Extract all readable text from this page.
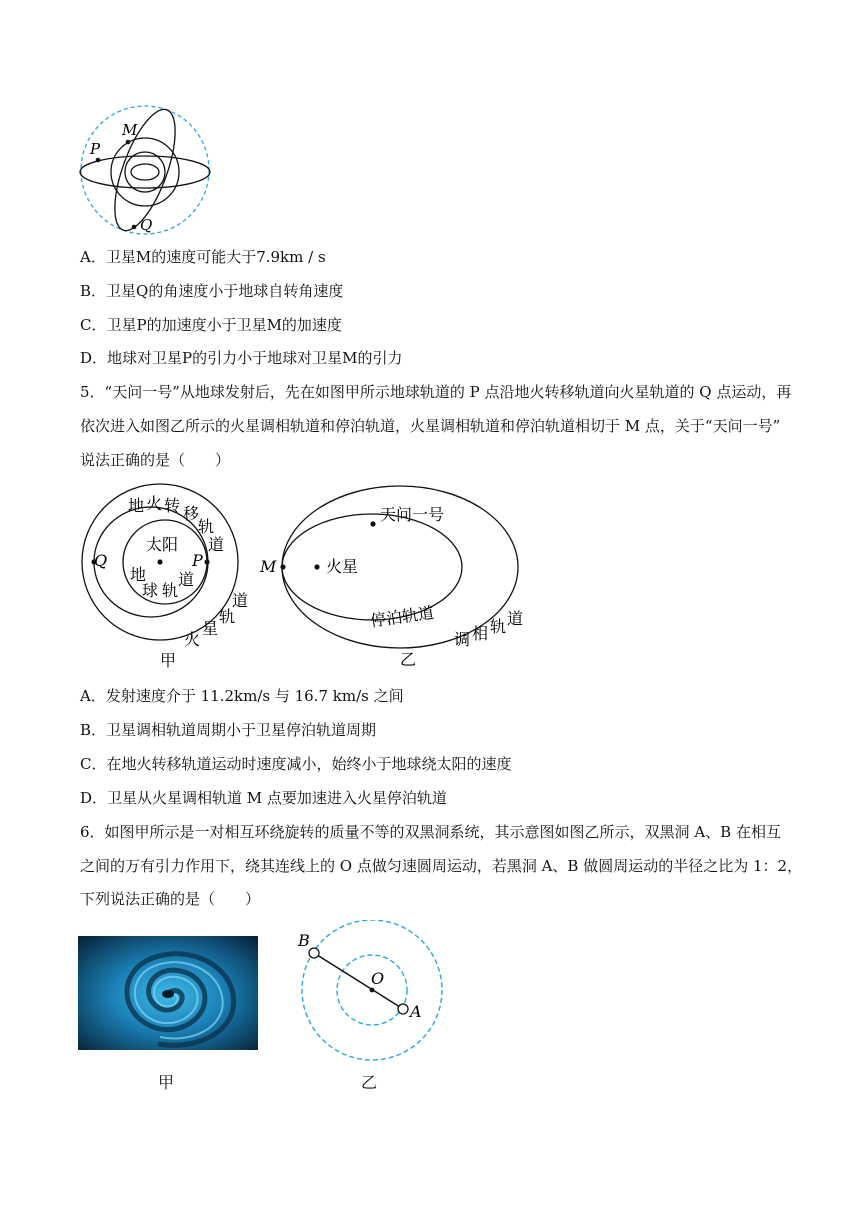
M
P
Q
A．卫星M的速度可能大于7.9km / s
B．卫星Q的角速度小于地球自转角速度
C．卫星P的加速度小于卫星M的加速度
D．地球对卫星P的引力小于地球对卫星M的引力
5．“天问一号”从地球发射后，先在如图甲所示地球轨道的 P 点沿地火转移轨道向火星轨道的 Q 点运动，再
依次进入如图乙所示的火星调相轨道和停泊轨道，火星调相轨道和停泊轨道相切于 M 点，关于“天问一号”
说法正确的是（　　）
地 火 转 移
轨
道
太阳
地
球 轨
道
Q	P
火
星
轨
道
甲
天问一号
火星
M
停泊轨道
调 相 轨 道
乙
A．发射速度介于 11.2km/s 与 16.7 km/s 之间
B．卫星调相轨道周期小于卫星停泊轨道周期
C．在地火转移轨道运动时速度减小，始终小于地球绕太阳的速度
D．卫星从火星调相轨道 M 点要加速进入火星停泊轨道
6．如图甲所示是一对相互环绕旋转的质量不等的双黑洞系统，其示意图如图乙所示，双黑洞 A、B 在相互
之间的万有引力作用下，绕其连线上的 O 点做匀速圆周运动，若黑洞 A、B 做圆周运动的半径之比为 1：2，
下列说法正确的是（　　）
甲
B
O
A
乙
